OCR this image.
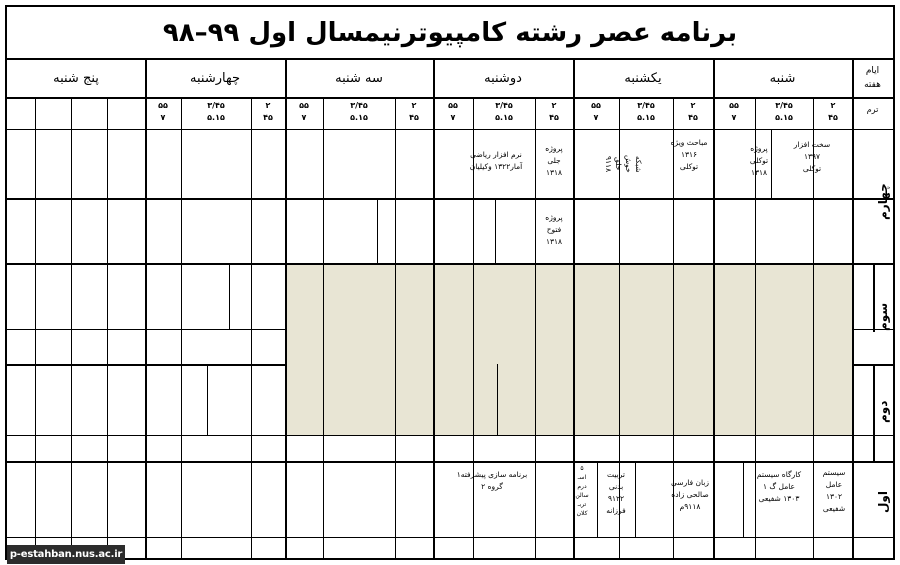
برنامه عصر رشته کامپیوترنیمسال اول ۹۹–۹۸
شنبه
یکشنبه
دوشنبه
سه شنبه
چهارشنبه
پنج شنبه	ایام
هفته
ترم
۲
۴۵
۳/۴۵
۵.۱۵
۵۵
۷
۲
۴۵
۳/۴۵
۵.۱۵
۵۵
۷
۲
۴۵
۳/۴۵
۵.۱۵
۵۵
۷
۲
۴۵
۳/۴۵
۵.۱۵
۵۵
۷
۲
۴۵
۳/۴۵
۵.۱۵
۵۵
۷
چهارم
سوم
دوم
اول
سخت افزار
۱۳۹۷
توکلی
پروژه
توکلی
۱۳۱۸
مباحث ویژه
۱۳۱۶
توکلی
شبکه
خوش
خلق
۹۱۱۸
پروژه
جلی
۱۳۱۸
نرم افزار ریاضی
آمار۱۳۲۲ وکیلیان
پروژه
فتوح
۱۳۱۸
سیستم
عامل
۱۳۰۲
شفیعی
کارگاه سیستم
عامل گ ۱
۱۳۰۳ شفیعی
زبان فارسی
صالحی زاده
۹۱۱۸م
تربیت
بدنی
۹۱۲۲
فرزانه
۵
اسـ
درم
سالن
تربـ
کلان
برنامه سازی پیشرفته۱
گروه ۲
p-estahban.nus.ac.ir
